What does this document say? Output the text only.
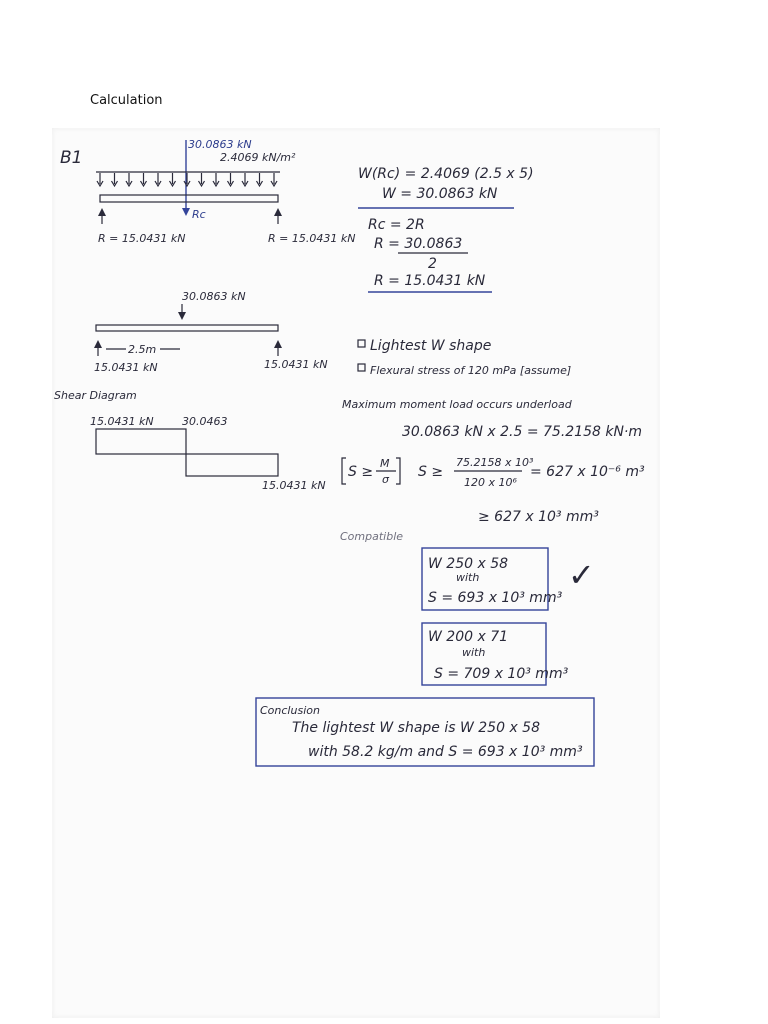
Calculation
B1
30.0863 kN
2.4069 kN/m²
Rc
R = 15.0431 kN	R = 15.0431 kN
W(Rc) = 2.4069 (2.5 x 5)
W = 30.0863 kN
Rc = 2R
R = 30.0863
2
R = 15.0431 kN
30.0863 kN
2.5m
15.0431 kN	15.0431 kN
Shear Diagram
15.0431 kN	30.0463
15.0431 kN
Lightest W shape
Flexural stress of 120 mPa [assume]
Maximum moment load occurs underload
30.0863 kN x 2.5 = 75.2158 kN·m
S ≥
M
σ S ≥
75.2158 x 10³
120 x 10⁶
= 627 x 10⁻⁶ m³
≥ 627 x 10³ mm³
Compatible
W 250 x 58
with
S = 693 x 10³ mm³
✓
W 200 x 71
with
S = 709 x 10³ mm³
Conclusion
The lightest W shape is W 250 x 58
with 58.2 kg/m and S = 693 x 10³ mm³
